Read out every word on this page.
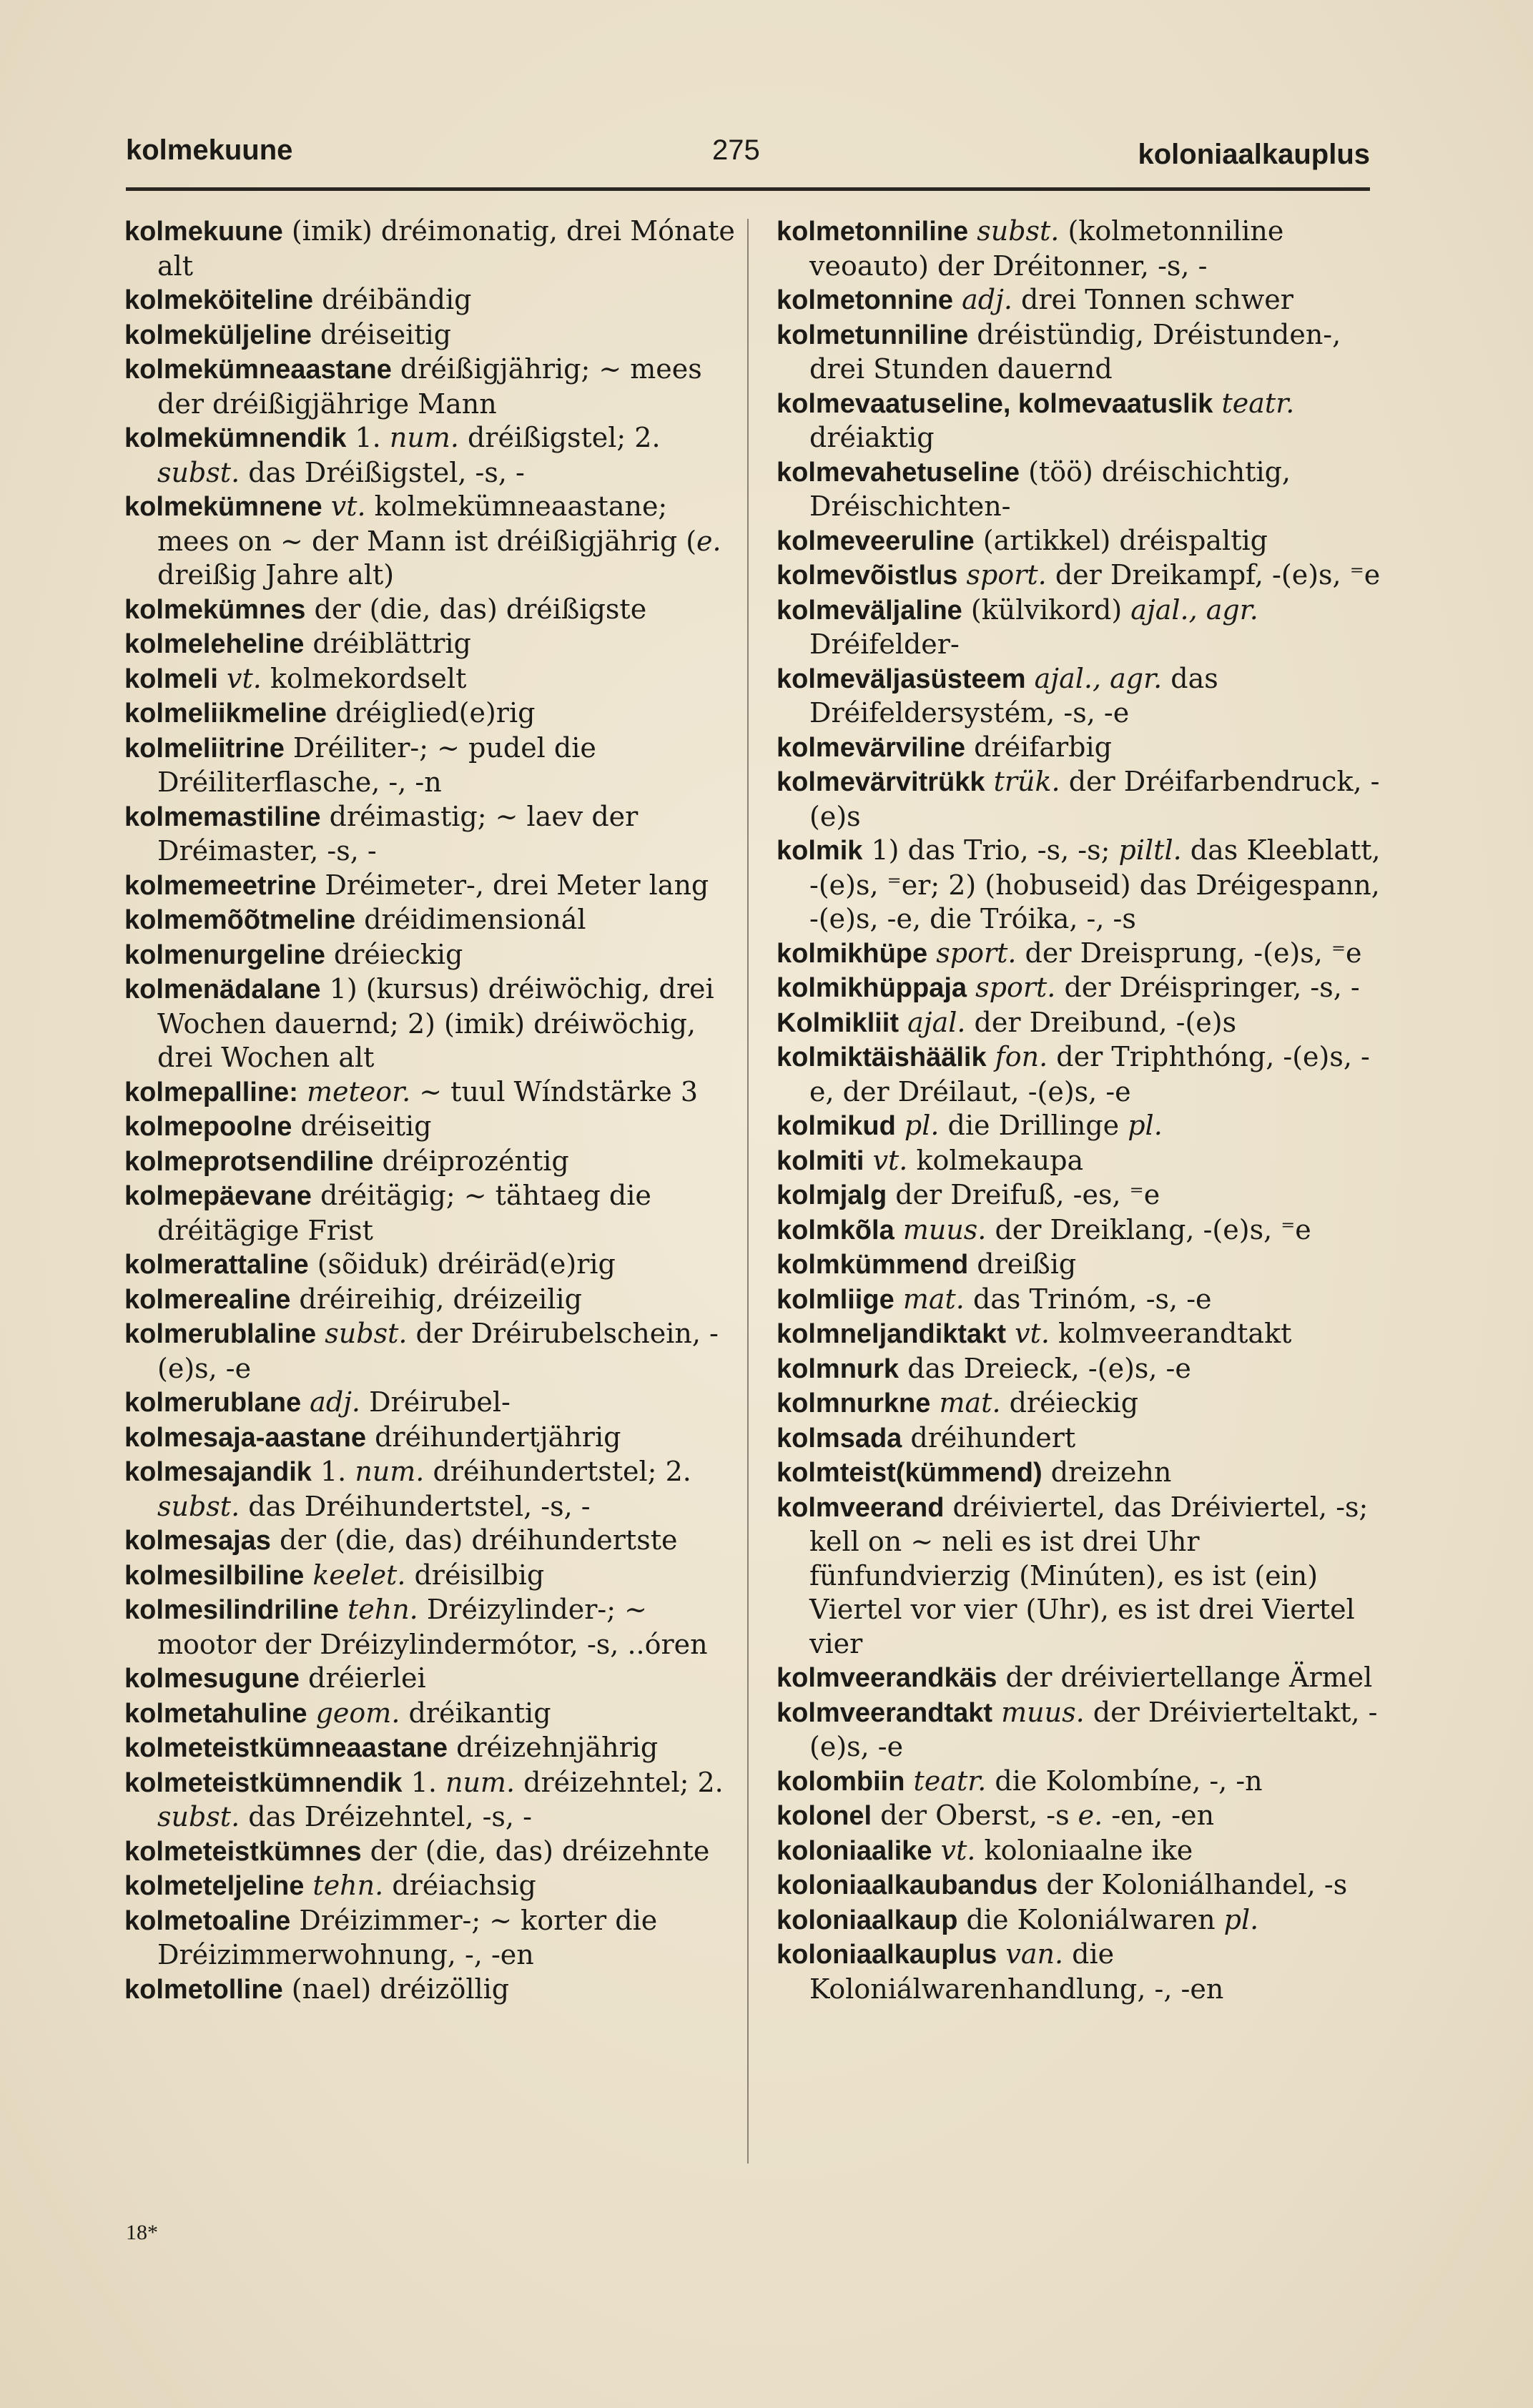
kolmekuune	275	koloniaalkauplus

kolmekuune (imik) dréimonatig, drei Mónate alt

kolmeköiteline dréibändig

kolmeküljeline dréiseitig

kolmekümneaastane dréißigjährig; ~ mees der dréißigjährige Mann

kolmekümnendik 1. num. dréißigstel; 2. subst. das Dréißigstel, -s, -

kolmekümnene vt. kolmekümneaastane; mees on ~ der Mann ist dréißigjährig (e. dreißig Jahre alt)

kolmekümnes der (die, das) dréißigste

kolmeleheline dréiblättrig

kolmeli vt. kolmekordselt

kolmeliikmeline dréiglied(e)rig

kolmeliitrine Dréiliter-; ~ pudel die Dréiliterflasche, -, -n

kolmemastiline dréimastig; ~ laev der Dréimaster, -s, -

kolmemeetrine Dréimeter-, drei Meter lang

kolmemõõtmeline dréidimensionál

kolmenurgeline dréieckig

kolmenädalane 1) (kursus) dréiwöchig, drei Wochen dauernd; 2) (imik) dréiwöchig, drei Wochen alt

kolmepalline: meteor. ~ tuul Wíndstärke 3

kolmepoolne dréiseitig

kolmeprotsendiline dréiprozéntig

kolmepäevane dréitägig; ~ tähtaeg die dréitägige Frist

kolmerattaline (sõiduk) dréiräd(e)rig

kolmerealine dréireihig, dréizeilig

kolmerublaline subst. der Dréirubelschein, -(e)s, -e

kolmerublane adj. Dréirubel-

kolmesaja-aastane dréihundertjährig

kolmesajandik 1. num. dréihundertstel; 2. subst. das Dréihundertstel, -s, -

kolmesajas der (die, das) dréihundertste

kolmesilbiline keelet. dréisilbig

kolmesilindriline tehn. Dréizylinder-; ~ mootor der Dréizylindermótor, -s, ..óren

kolmesugune dréierlei

kolmetahuline geom. dréikantig

kolmeteistkümneaastane dréizehnjährig

kolmeteistkümnendik 1. num. dréizehntel; 2. subst. das Dréizehntel, -s, -

kolmeteistkümnes der (die, das) dréizehnte

kolmeteljeline tehn. dréiachsig

kolmetoaline Dréizimmer-; ~ korter die Dréizimmerwohnung, -, -en

kolmetolline (nael) dréizöllig

kolmetonniline subst. (kolmetonniline veoauto) der Dréitonner, -s, -

kolmetonnine adj. drei Tonnen schwer

kolmetunniline dréistündig, Dréistunden-, drei Stunden dauernd

kolmevaatuseline, kolmevaatuslik teatr. dréiaktig

kolmevahetuseline (töö) dréischichtig, Dréischichten-

kolmeveeruline (artikkel) dréispaltig

kolmevõistlus sport. der Dreikampf, -(e)s, ⁼e

kolmeväljaline (külvikord) ajal., agr. Dréifelder-

kolmeväljasüsteem ajal., agr. das Dréifeldersystém, -s, -e

kolmevärviline dréifarbig

kolmevärvitrükk trük. der Dréifarbendruck, -(e)s

kolmik 1) das Trio, -s, -s; piltl. das Kleeblatt, -(e)s, ⁼er; 2) (hobuseid) das Dréigespann, -(e)s, -e, die Tróika, -, -s

kolmikhüpe sport. der Dreisprung, -(e)s, ⁼e

kolmikhüppaja sport. der Dréispringer, -s, -

Kolmikliit ajal. der Dreibund, -(e)s

kolmiktäishäälik fon. der Triphthóng, -(e)s, -e, der Dréilaut, -(e)s, -e

kolmikud pl. die Drillinge pl.

kolmiti vt. kolmekaupa

kolmjalg der Dreifuß, -es, ⁼e

kolmkõla muus. der Dreiklang, -(e)s, ⁼e

kolmkümmend dreißig

kolmliige mat. das Trinóm, -s, -e

kolmneljandiktakt vt. kolmveerandtakt

kolmnurk das Dreieck, -(e)s, -e

kolmnurkne mat. dréieckig

kolmsada dréihundert

kolmteist(kümmend) dreizehn

kolmveerand dréiviertel, das Dréiviertel, -s; kell on ~ neli es ist drei Uhr fünfundvierzig (Minúten), es ist (ein) Viertel vor vier (Uhr), es ist drei Viertel vier

kolmveerandkäis der dréiviertellange Ärmel

kolmveerandtakt muus. der Dréivierteltakt, -(e)s, -e

kolombiin teatr. die Kolombíne, -, -n

kolonel der Oberst, -s e. -en, -en

koloniaalike vt. koloniaalne ike

koloniaalkaubandus der Koloniálhandel, -s

koloniaalkaup die Koloniálwaren pl.

koloniaalkauplus van. die Koloniálwarenhandlung, -, -en

18*
